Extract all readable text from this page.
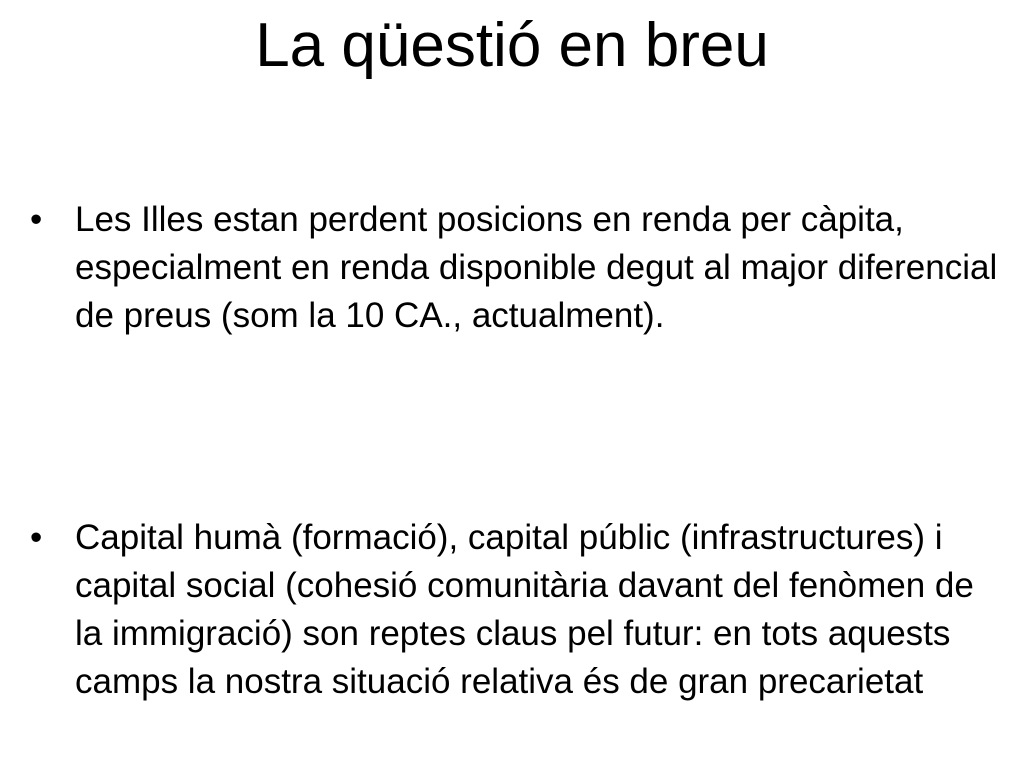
La qüestió en breu
• Les Illes estan perdent posicions en renda per càpita, especialment en renda disponible degut al major diferencial de preus (som la 10 CA., actualment).
• Capital humà (formació), capital públic (infrastructures) i capital social (cohesió comunitària davant del fenòmen de la immigració) son reptes claus pel futur: en tots aquests camps la nostra situació relativa és de gran precarietat
